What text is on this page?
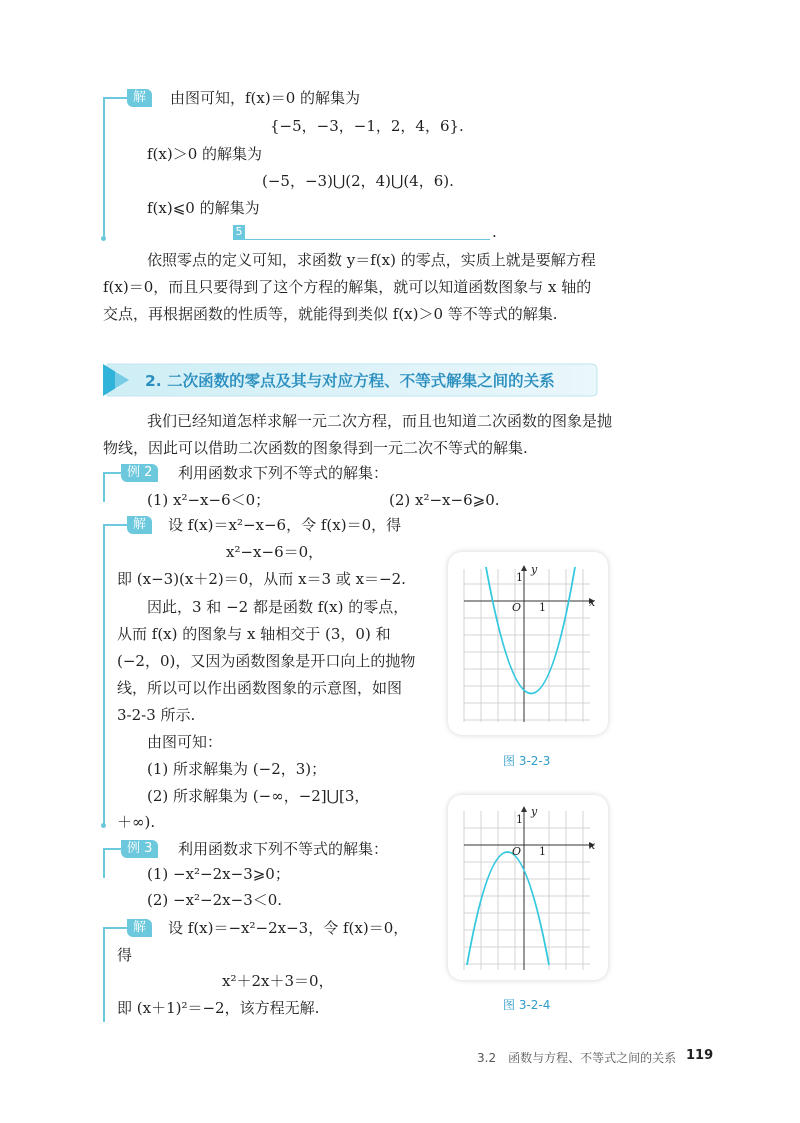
解	由图可知，f(x)＝0 的解集为
{−5，−3，−1，2，4，6}.
f(x)＞0 的解集为
(−5，−3)⋃(2，4)⋃(4，6).
f(x)⩽0 的解集为
5	.
依照零点的定义可知，求函数 y＝f(x) 的零点，实质上就是要解方程
f(x)＝0，而且只要得到了这个方程的解集，就可以知道函数图象与 x 轴的
交点，再根据函数的性质等，就能得到类似 f(x)＞0 等不等式的解集.
2. 二次函数的零点及其与对应方程、不等式解集之间的关系
我们已经知道怎样求解一元二次方程，而且也知道二次函数的图象是抛
物线，因此可以借助二次函数的图象得到一元二次不等式的解集.
例 2	利用函数求下列不等式的解集：
(1) x²−x−6＜0；	(2) x²−x−6⩾0.
解	设 f(x)＝x²−x−6，令 f(x)＝0，得
x²−x−6＝0，
即 (x−3)(x＋2)＝0，从而 x＝3 或 x＝−2.
因此，3 和 −2 都是函数 f(x) 的零点，
从而 f(x) 的图象与 x 轴相交于 (3，0) 和
(−2，0)，又因为函数图象是开口向上的抛物
线，所以可以作出函数图象的示意图，如图
3-2-3 所示.
由图可知：
(1) 所求解集为 (−2，3)；
(2) 所求解集为 (−∞，−2]⋃[3，
＋∞).
例 3	利用函数求下列不等式的解集：
(1) −x²−2x−3⩾0；
(2) −x²−2x−3＜0.
解	设 f(x)＝−x²−2x−3，令 f(x)＝0，
得
x²＋2x＋3＝0，
即 (x＋1)²＝−2，该方程无解.
y
1
O 1	x
图 3-2-3
y
1
O 1	x
图 3-2-4
3.2　函数与方程、不等式之间的关系 119
